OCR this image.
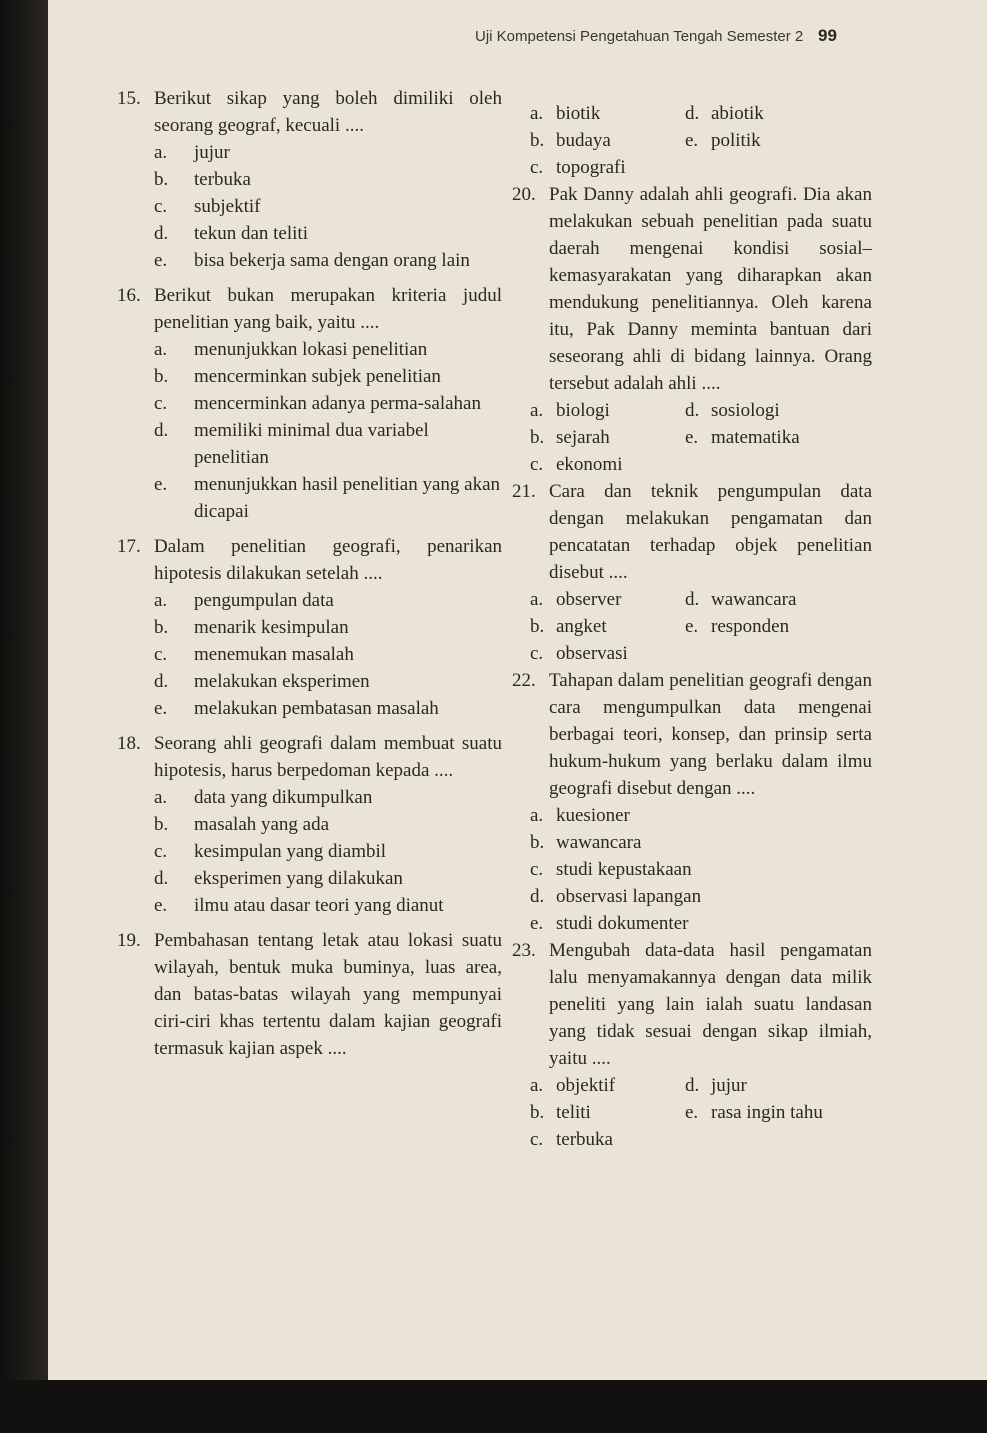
Uji Kompetensi Pengetahuan Tengah Semester 2 99
15. Berikut sikap yang boleh dimiliki oleh seorang geograf, kecuali ....
a.	jujur
b.	terbuka
c.	subjektif
d.	tekun dan teliti
e.	bisa bekerja sama dengan orang lain
16. Berikut bukan merupakan kriteria judul penelitian yang baik, yaitu ....
a.	menunjukkan lokasi penelitian
b.	mencerminkan subjek penelitian
c.	mencerminkan adanya perma-salahan
d.	memiliki minimal dua variabel penelitian
e.	menunjukkan hasil penelitian yang akan dicapai
17. Dalam penelitian geografi, penarikan hipotesis dilakukan setelah ....
a.	pengumpulan data
b.	menarik kesimpulan
c.	menemukan masalah
d.	melakukan eksperimen
e.	melakukan pembatasan masalah
18. Seorang ahli geografi dalam membuat suatu hipotesis, harus berpedoman kepada ....
a.	data yang dikumpulkan
b.	masalah yang ada
c.	kesimpulan yang diambil
d.	eksperimen yang dilakukan
e.	ilmu atau dasar teori yang dianut
19. Pembahasan tentang letak atau lokasi suatu wilayah, bentuk muka buminya, luas area, dan batas-batas wilayah yang mempunyai ciri-ciri khas tertentu dalam kajian geografi termasuk kajian aspek ....
a. biotik	d. abiotik
b. budaya	e. politik
c. topografi
20. Pak Danny adalah ahli geografi. Dia akan melakukan sebuah penelitian pada suatu daerah mengenai kondisi sosial–kemasyarakatan yang diharapkan akan mendukung penelitiannya. Oleh karena itu, Pak Danny meminta bantuan dari seseorang ahli di bidang lainnya. Orang tersebut adalah ahli ....
a. biologi	d. sosiologi
b. sejarah	e. matematika
c. ekonomi
21. Cara dan teknik pengumpulan data dengan melakukan pengamatan dan pencatatan terhadap objek penelitian disebut ....
a. observer	d. wawancara
b. angket	e. responden
c. observasi
22. Tahapan dalam penelitian geografi dengan cara mengumpulkan data mengenai berbagai teori, konsep, dan prinsip serta hukum-hukum yang berlaku dalam ilmu geografi disebut dengan ....
a. kuesioner
b. wawancara
c. studi kepustakaan
d. observasi lapangan
e. studi dokumenter
23. Mengubah data-data hasil pengamatan lalu menyamakannya dengan data milik peneliti yang lain ialah suatu landasan yang tidak sesuai dengan sikap ilmiah, yaitu ....
a. objektif	d. jujur
b. teliti	e. rasa ingin tahu
c. terbuka
